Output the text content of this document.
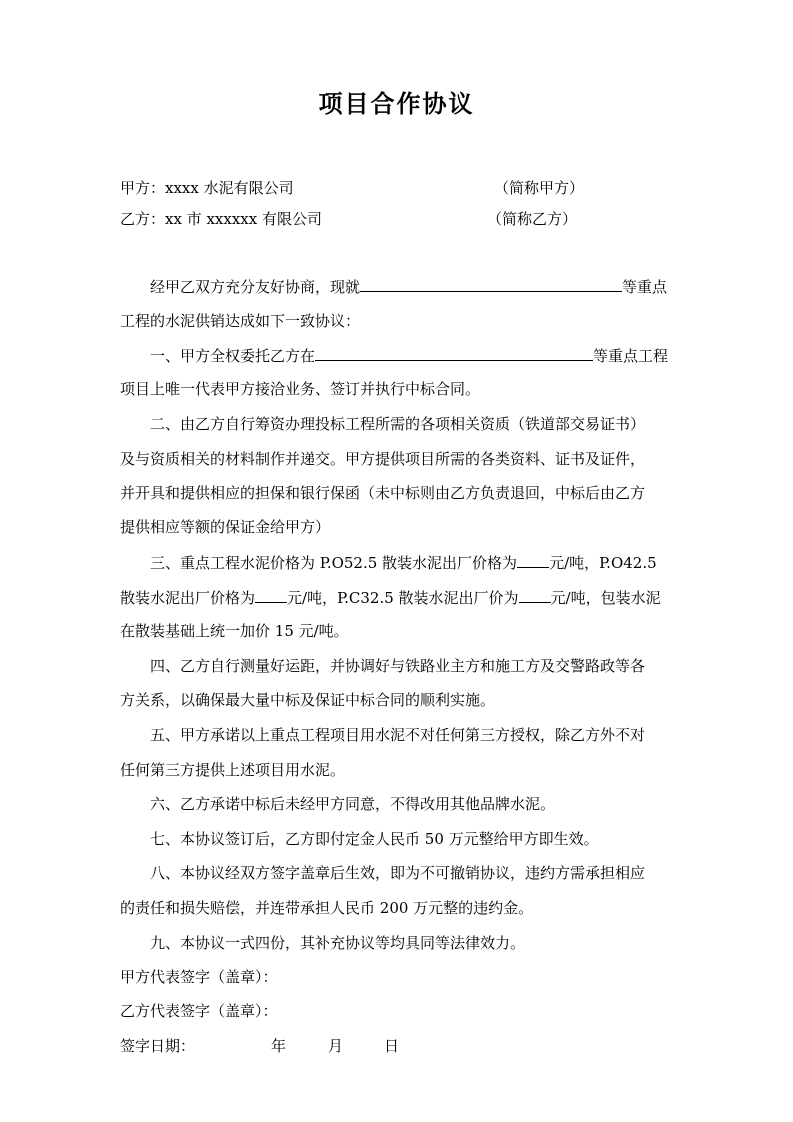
项目合作协议
甲方：xxxx 水泥有限公司	（简称甲方）
乙方：xx 市 xxxxxx 有限公司	（简称乙方）
经甲乙双方充分友好协商，现就	等重点
工程的水泥供销达成如下一致协议：
一、甲方全权委托乙方在	等重点工程
项目上唯一代表甲方接洽业务、签订并执行中标合同。
二、由乙方自行筹资办理投标工程所需的各项相关资质（铁道部交易证书）
及与资质相关的材料制作并递交。甲方提供项目所需的各类资料、证书及证件，
并开具和提供相应的担保和银行保函（未中标则由乙方负责退回，中标后由乙方
提供相应等额的保证金给甲方）
三、重点工程水泥价格为 P.O52.5 散装水泥出厂价格为 元/吨，P.O42.5
散装水泥出厂价格为 元/吨，P.C32.5 散装水泥出厂价为 元/吨，包装水泥
在散装基础上统一加价 15 元/吨。
四、乙方自行测量好运距，并协调好与铁路业主方和施工方及交警路政等各
方关系，以确保最大量中标及保证中标合同的顺利实施。
五、甲方承诺以上重点工程项目用水泥不对任何第三方授权，除乙方外不对
任何第三方提供上述项目用水泥。
六、乙方承诺中标后未经甲方同意，不得改用其他品牌水泥。
七、本协议签订后，乙方即付定金人民币 50 万元整给甲方即生效。
八、本协议经双方签字盖章后生效，即为不可撤销协议，违约方需承担相应
的责任和损失赔偿，并连带承担人民币 200 万元整的违约金。
九、本协议一式四份，其补充协议等均具同等法律效力。
甲方代表签字（盖章）：
乙方代表签字（盖章）：
签字日期：	年	月	日
